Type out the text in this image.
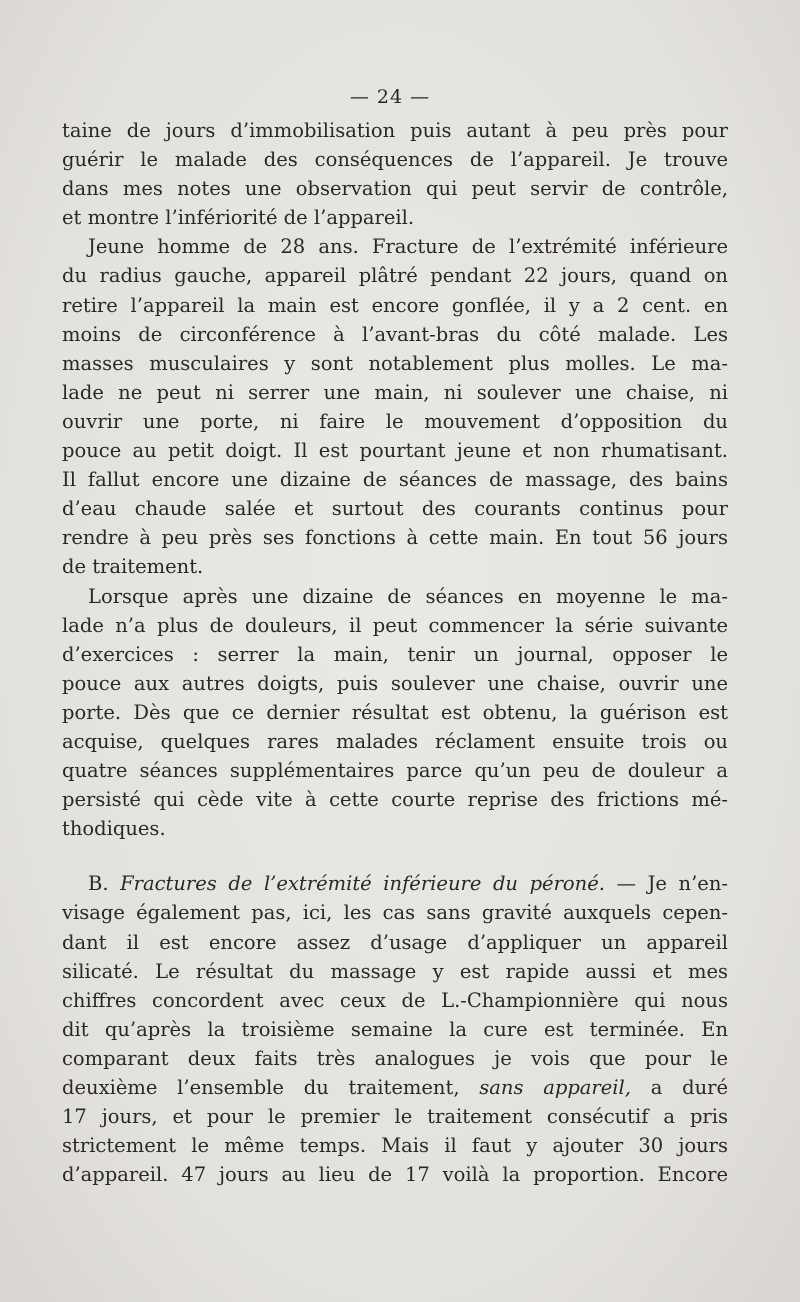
— 24 —
taine de jours d’immobilisation puis autant à peu près pour
guérir le malade des conséquences de l’appareil. Je trouve
dans mes notes une observation qui peut servir de contrôle,
et montre l’infériorité de l’appareil.
Jeune homme de 28 ans. Fracture de l’extrémité inférieure
du radius gauche, appareil plâtré pendant 22 jours, quand on
retire l’appareil la main est encore gonflée, il y a 2 cent. en
moins de circonférence à l’avant-bras du côté malade. Les
masses musculaires y sont notablement plus molles. Le ma-
lade ne peut ni serrer une main, ni soulever une chaise, ni
ouvrir une porte, ni faire le mouvement d’opposition du
pouce au petit doigt. Il est pourtant jeune et non rhumatisant.
Il fallut encore une dizaine de séances de massage, des bains
d’eau chaude salée et surtout des courants continus pour
rendre à peu près ses fonctions à cette main. En tout 56 jours
de traitement.
Lorsque après une dizaine de séances en moyenne le ma-
lade n’a plus de douleurs, il peut commencer la série suivante
d’exercices : serrer la main, tenir un journal, opposer le
pouce aux autres doigts, puis soulever une chaise, ouvrir une
porte. Dès que ce dernier résultat est obtenu, la guérison est
acquise, quelques rares malades réclament ensuite trois ou
quatre séances supplémentaires parce qu’un peu de douleur a
persisté qui cède vite à cette courte reprise des frictions mé-
thodiques.
B. Fractures de l’extrémité inférieure du péroné. — Je n’en-
visage également pas, ici, les cas sans gravité auxquels cepen-
dant il est encore assez d’usage d’appliquer un appareil
silicaté. Le résultat du massage y est rapide aussi et mes
chiffres concordent avec ceux de L.-Championnière qui nous
dit qu’après la troisième semaine la cure est terminée. En
comparant deux faits très analogues je vois que pour le
deuxième l’ensemble du traitement, sans appareil, a duré
17 jours, et pour le premier le traitement consécutif a pris
strictement le même temps. Mais il faut y ajouter 30 jours
d’appareil. 47 jours au lieu de 17 voilà la proportion. Encore
